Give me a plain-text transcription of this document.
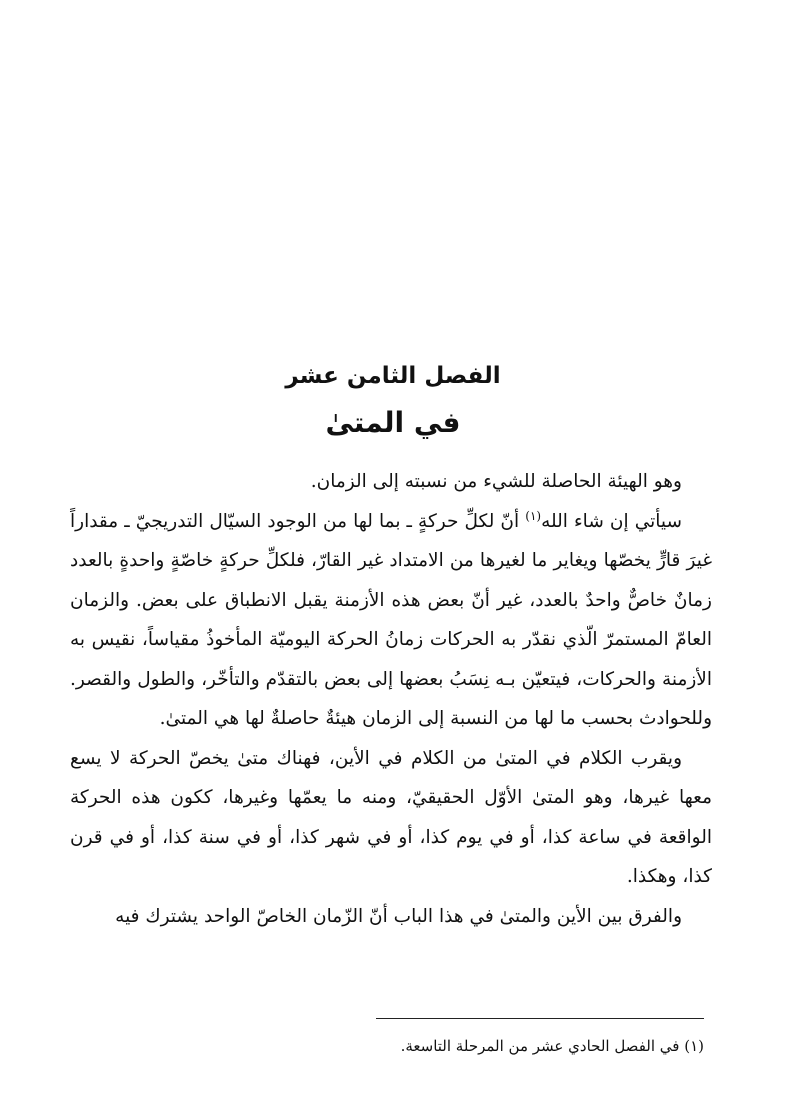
الفصل الثامن عشر
في المتىٰ

وهو الهيئة الحاصلة للشيء من نسبته إلى الزمان.

سيأتي إن شاء الله$^{(١)}$ أنّ لكلِّ حركةٍ ـ بما لها من الوجود السيّال التدريجيّ ـ مقداراً غيرَ قارٍّ يخصّها ويغاير ما لغيرها من الامتداد غير القارّ، فلكلِّ حركةٍ خاصّةٍ واحدةٍ بالعدد زمانٌ خاصٌّ واحدٌ بالعدد، غير أنّ بعض هذه الأزمنة يقبل الانطباق على بعض. والزمان العامّ المستمرّ الّذي نقدّر به الحركات زمانُ الحركة اليوميّة المأخوذُ مقياساً، نقيس به الأزمنة والحركات، فيتعيّن بـه نِسَبُ بعضها إلى بعض بالتقدّم والتأخّر، والطول والقصر. وللحوادث بحسب ما لها من النسبة إلى الزمان هيئةٌ حاصلةٌ لها هي المتىٰ.

ويقرب الكلام في المتىٰ من الكلام في الأين، فهناك متىٰ يخصّ الحركة لا يسع معها غيرها، وهو المتىٰ الأوّل الحقيقيّ، ومنه ما يعمّها وغيرها، ككون هذه الحركة الواقعة في ساعة كذا، أو في يوم كذا، أو في شهر كذا، أو في سنة كذا، أو في قرن كذا، وهكذا.

والفرق بين الأين والمتىٰ في هذا الباب أنّ الزّمان الخاصّ الواحد يشترك فيه

(١) في الفصل الحادي عشر من المرحلة التاسعة.
